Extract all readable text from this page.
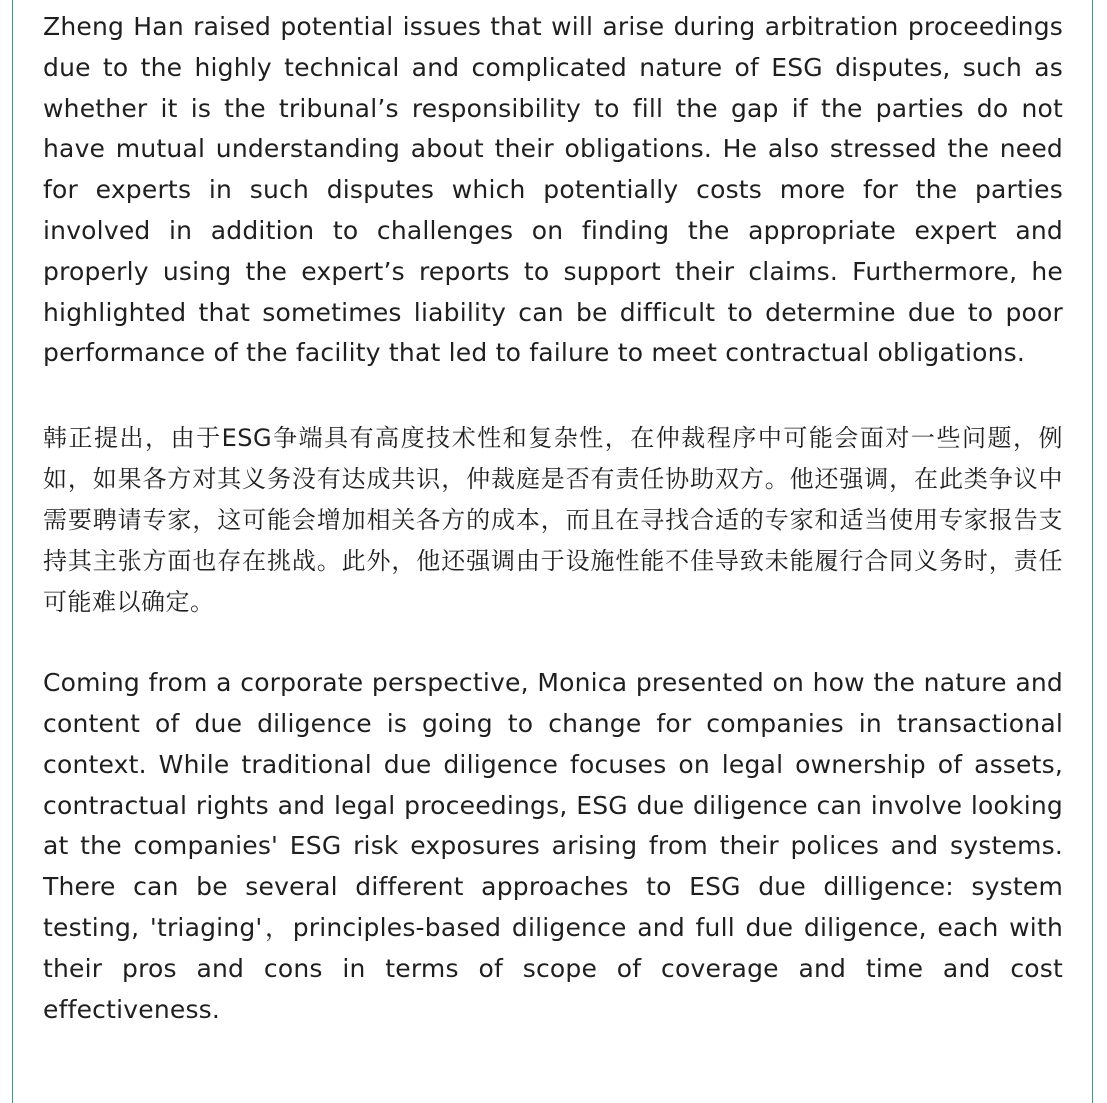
Zheng Han raised potential issues that will arise during arbitration proceedings due to the highly technical and complicated nature of ESG disputes, such as whether it is the tribunal’s responsibility to fill the gap if the parties do not have mutual understanding about their obligations. He also stressed the need for experts in such disputes which potentially costs more for the parties involved in addition to challenges on finding the appropriate expert and properly using the expert’s reports to support their claims. Furthermore, he highlighted that sometimes liability can be difficult to determine due to poor performance of the facility that led to failure to meet contractual obligations.

韩正提出，由于ESG争端具有高度技术性和复杂性，在仲裁程序中可能会面对一些问题，例如，如果各方对其义务没有达成共识，仲裁庭是否有责任协助双方。他还强调，在此类争议中需要聘请专家，这可能会增加相关各方的成本，而且在寻找合适的专家和适当使用专家报告支持其主张方面也存在挑战。此外，他还强调由于设施性能不佳导致未能履行合同义务时，责任可能难以确定。

Coming from a corporate perspective, Monica presented on how the nature and content of due diligence is going to change for companies in transactional context. While traditional due diligence focuses on legal ownership of assets, contractual rights and legal proceedings, ESG due diligence can involve looking at the companies' ESG risk exposures arising from their polices and systems. There can be several different approaches to ESG due dilligence: system testing, 'triaging'，principles-based diligence and full due diligence, each with their pros and cons in terms of scope of coverage and time and cost effectiveness.
